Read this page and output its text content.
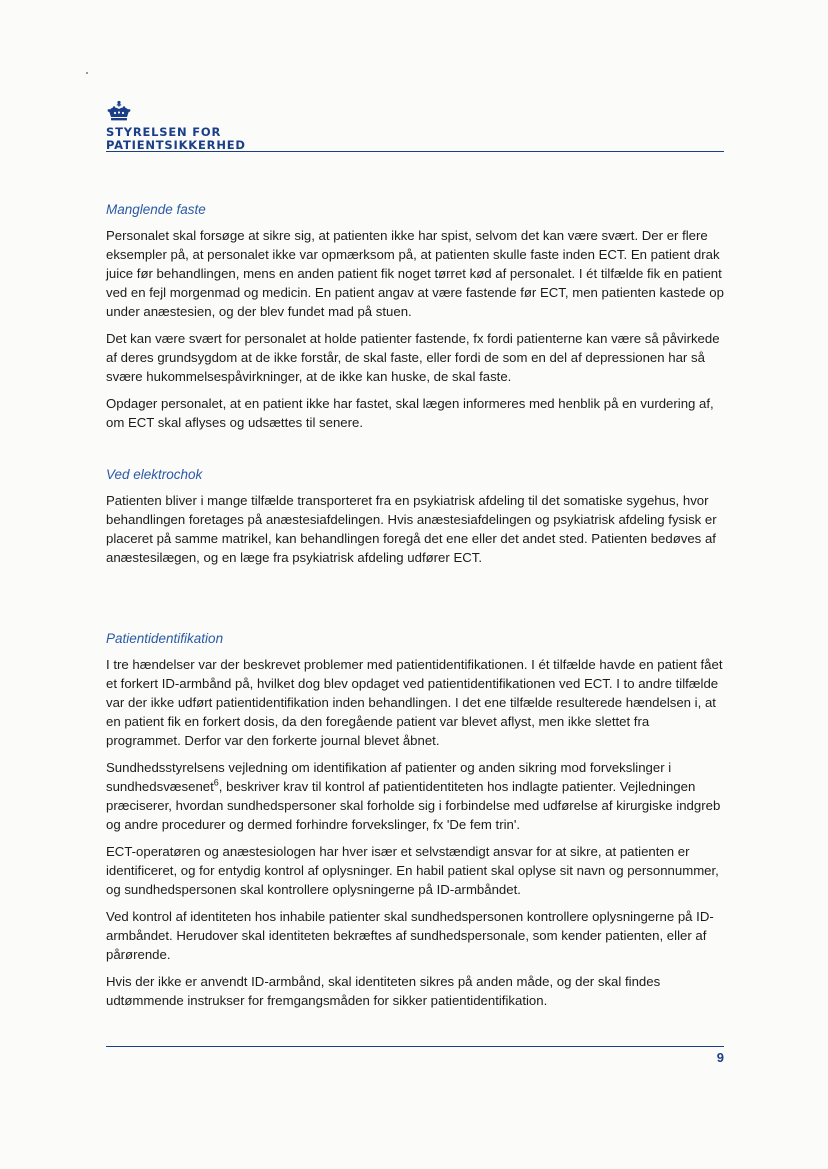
STYRELSEN FOR
PATIENTSIKKERHED
Manglende faste

Personalet skal forsøge at sikre sig, at patienten ikke har spist, selvom det kan være svært. Der er flere eksempler på, at personalet ikke var opmærksom på, at patienten skulle faste inden ECT. En patient drak juice før behandlingen, mens en anden patient fik noget tørret kød af personalet. I ét tilfælde fik en patient ved en fejl morgenmad og medicin. En patient angav at være fastende før ECT, men patienten kastede op under anæstesien, og der blev fundet mad på stuen.

Det kan være svært for personalet at holde patienter fastende, fx fordi patienterne kan være så påvirkede af deres grundsygdom at de ikke forstår, de skal faste, eller fordi de som en del af depressionen har så svære hukommelsespåvirkninger, at de ikke kan huske, de skal faste.

Opdager personalet, at en patient ikke har fastet, skal lægen informeres med henblik på en vurdering af, om ECT skal aflyses og udsættes til senere.

Ved elektrochok

Patienten bliver i mange tilfælde transporteret fra en psykiatrisk afdeling til det somatiske sygehus, hvor behandlingen foretages på anæstesiafdelingen. Hvis anæstesiafdelingen og psykiatrisk afdeling fysisk er placeret på samme matrikel, kan behandlingen foregå det ene eller det andet sted. Patienten bedøves af anæstesilægen, og en læge fra psykiatrisk afdeling udfører ECT.

Patientidentifikation

I tre hændelser var der beskrevet problemer med patientidentifikationen. I ét tilfælde havde en patient fået et forkert ID-armbånd på, hvilket dog blev opdaget ved patientidentifikationen ved ECT. I to andre tilfælde var der ikke udført patientidentifikation inden behandlingen. I det ene tilfælde resulterede hændelsen i, at en patient fik en forkert dosis, da den foregående patient var blevet aflyst, men ikke slettet fra programmet. Derfor var den forkerte journal blevet åbnet.

Sundhedsstyrelsens vejledning om identifikation af patienter og anden sikring mod forvekslinger i sundhedsvæsenet$^6$, beskriver krav til kontrol af patientidentiteten hos indlagte patienter. Vejledningen præciserer, hvordan sundhedspersoner skal forholde sig i forbindelse med udførelse af kirurgiske indgreb og andre procedurer og dermed forhindre forvekslinger, fx 'De fem trin'.

ECT-operatøren og anæstesiologen har hver især et selvstændigt ansvar for at sikre, at patienten er identificeret, og for entydig kontrol af oplysninger. En habil patient skal oplyse sit navn og personnummer, og sundhedspersonen skal kontrollere oplysningerne på ID-armbåndet.

Ved kontrol af identiteten hos inhabile patienter skal sundhedspersonen kontrollere oplysningerne på ID-armbåndet. Herudover skal identiteten bekræftes af sundhedspersonale, som kender patienten, eller af pårørende.

Hvis der ikke er anvendt ID-armbånd, skal identiteten sikres på anden måde, og der skal findes udtømmende instrukser for fremgangsmåden for sikker patientidentifikation.

9
